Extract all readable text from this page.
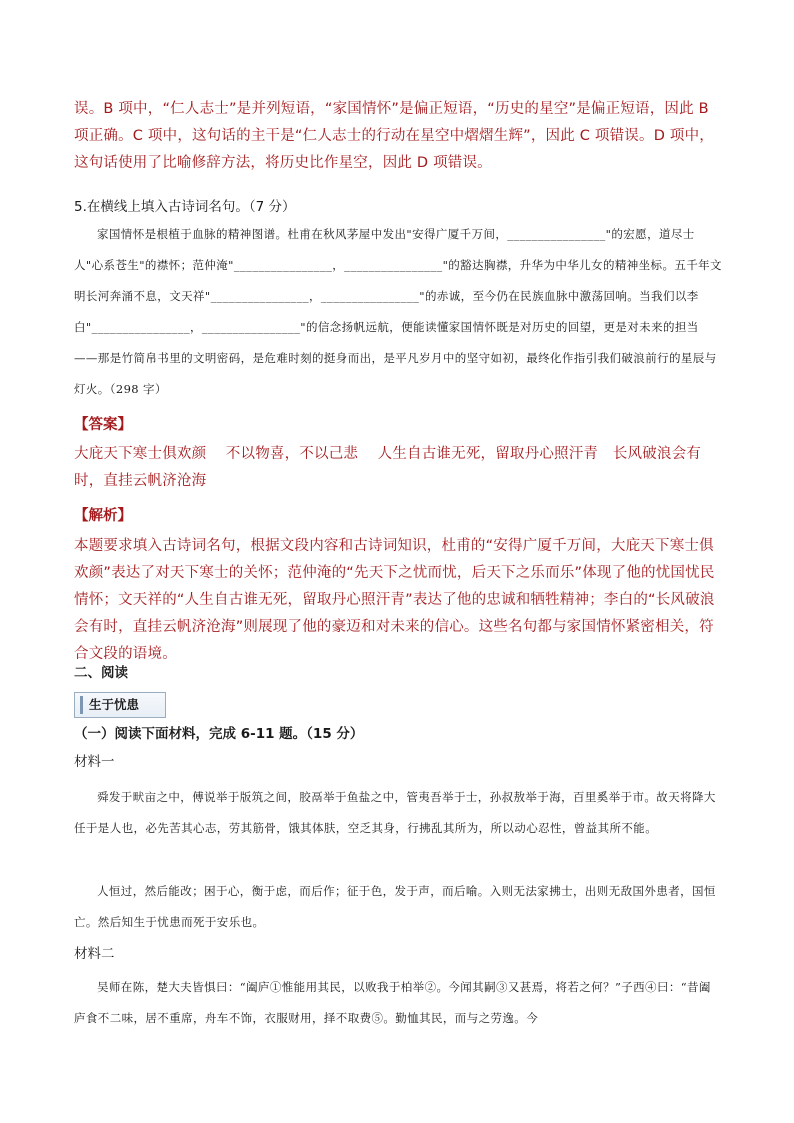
误。B 项中，“仁人志士”是并列短语，“家国情怀”是偏正短语，“历史的星空”是偏正短语，因此 B 项正确。C 项中，这句话的主干是“仁人志士的行动在星空中熠熠生辉”，因此 C 项错误。D 项中，这句话使用了比喻修辞方法，将历史比作星空，因此 D 项错误。
5.在横线上填入古诗词名句。（7 分）
家国情怀是根植于血脉的精神图谱。杜甫在秋风茅屋中发出"安得广厦千万间，________________"的宏愿，道尽士人"心系苍生"的襟怀；范仲淹"________________，________________"的豁达胸襟，升华为中华儿女的精神坐标。五千年文明长河奔涌不息，文天祥"________________，________________"的赤诚，至今仍在民族血脉中激荡回响。当我们以李白"________________，________________"的信念扬帆远航，便能读懂家国情怀既是对历史的回望，更是对未来的担当——那是竹简帛书里的文明密码，是危难时刻的挺身而出，是平凡岁月中的坚守如初，最终化作指引我们破浪前行的星辰与灯火。（298 字）
【答案】
大庇天下寒士俱欢颜　 不以物喜，不以己悲　 人生自古谁无死，留取丹心照汗青　长风破浪会有时，直挂云帆济沧海
【解析】
本题要求填入古诗词名句，根据文段内容和古诗词知识，杜甫的“安得广厦千万间，大庇天下寒士俱欢颜”表达了对天下寒士的关怀；范仲淹的“先天下之忧而忧，后天下之乐而乐”体现了他的忧国忧民情怀；文天祥的“人生自古谁无死，留取丹心照汗青”表达了他的忠诚和牺牲精神；李白的“长风破浪会有时，直挂云帆济沧海”则展现了他的豪迈和对未来的信心。这些名句都与家国情怀紧密相关，符合文段的语境。
二、阅读
生于忧患
（一）阅读下面材料，完成 6-11 题。（15 分）
材料一
舜发于畎亩之中，傅说举于版筑之间，胶鬲举于鱼盐之中，管夷吾举于士，孙叔敖举于海，百里奚举于市。故天将降大任于是人也，必先苦其心志，劳其筋骨，饿其体肤，空乏其身，行拂乱其所为，所以动心忍性，曾益其所不能。
人恒过，然后能改；困于心，衡于虑，而后作；征于色，发于声，而后喻。入则无法家拂士，出则无敌国外患者，国恒亡。然后知生于忧患而死于安乐也。
材料二
吴师在陈，楚大夫皆惧曰：“阖庐①惟能用其民，以败我于柏举②。今闻其嗣③又甚焉，将若之何？”子西④曰：“昔阖庐食不二味，居不重席，舟车不饰，衣服财用，择不取费⑤。勤恤其民，而与之劳逸。今
